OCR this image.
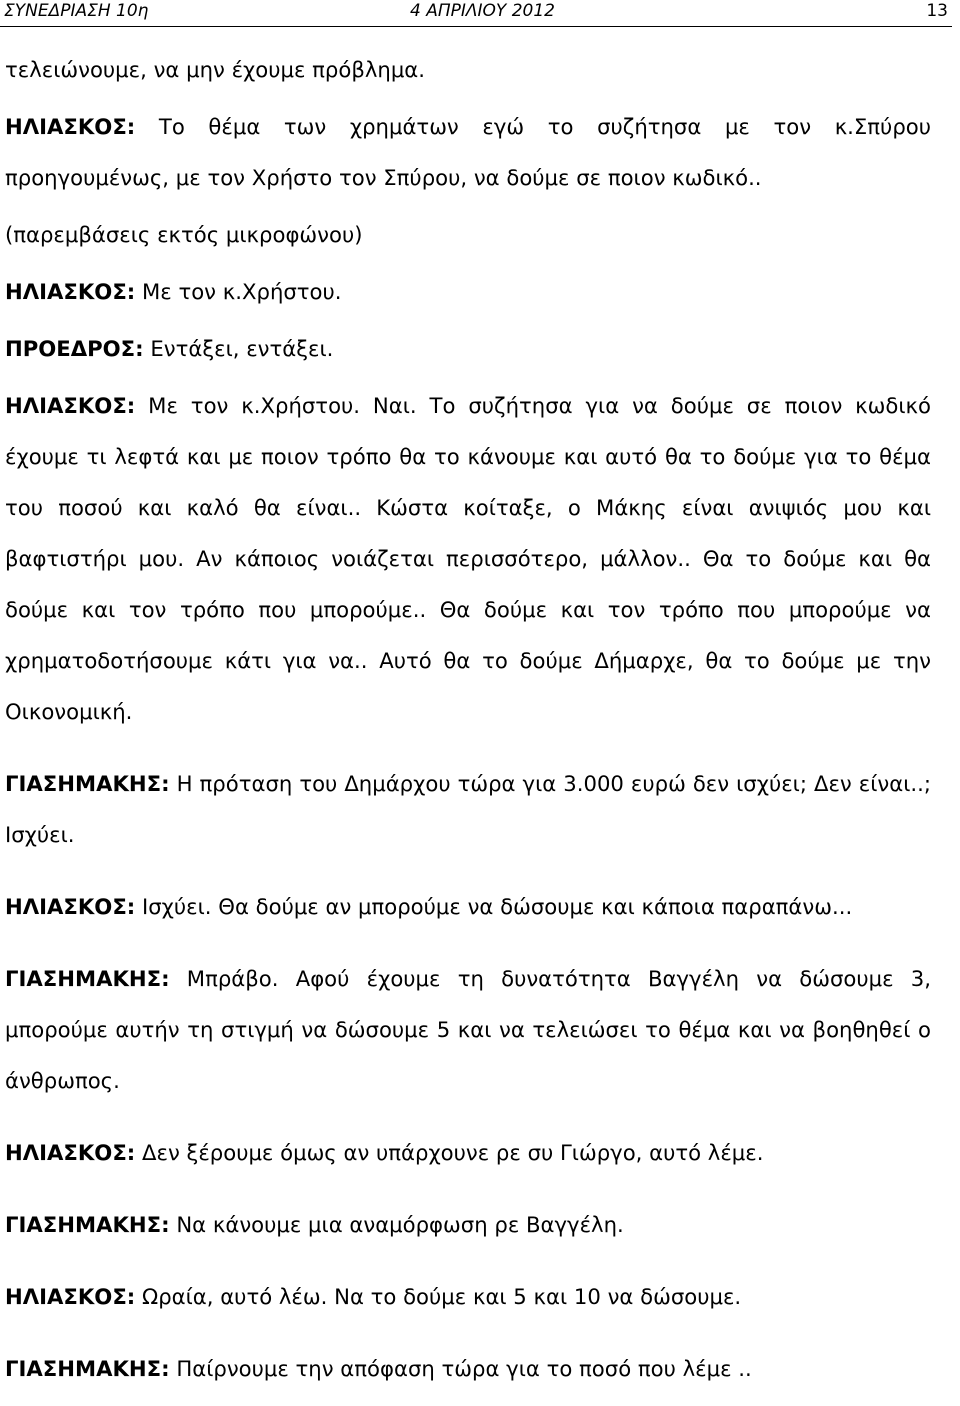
ΣΥΝΕΔΡΙΑΣΗ 10η	4 ΑΠΡΙΛΙΟΥ 2012	13

τελειώνουμε, να μην έχουμε πρόβλημα.

ΗΛΙΑΣΚΟΣ: Το θέμα των χρημάτων εγώ το συζήτησα με τον κ.Σπύρου προηγουμένως, με τον Χρήστο τον Σπύρου, να δούμε σε ποιον κωδικό..

(παρεμβάσεις εκτός μικροφώνου)

ΗΛΙΑΣΚΟΣ: Με τον κ.Χρήστου.

ΠΡΟΕΔΡΟΣ: Εντάξει, εντάξει.

ΗΛΙΑΣΚΟΣ: Με τον κ.Χρήστου. Ναι. Το συζήτησα για να δούμε σε ποιον κωδικό έχουμε τι λεφτά και με ποιον τρόπο θα το κάνουμε και αυτό θα το δούμε για το θέμα του ποσού και καλό θα είναι.. Κώστα κοίταξε, ο Μάκης είναι ανιψιός μου και βαφτιστήρι μου. Αν κάποιος νοιάζεται περισσότερο, μάλλον.. Θα το δούμε και θα δούμε και τον τρόπο που μπορούμε.. Θα δούμε και τον τρόπο που μπορούμε να χρηματοδοτήσουμε κάτι για να.. Αυτό θα το δούμε Δήμαρχε, θα το δούμε με την Οικονομική.

ΓΙΑΣΗΜΑΚΗΣ: Η πρόταση του Δημάρχου τώρα για 3.000 ευρώ δεν ισχύει; Δεν είναι..; Ισχύει.

ΗΛΙΑΣΚΟΣ: Ισχύει. Θα δούμε αν μπορούμε να δώσουμε και κάποια παραπάνω...

ΓΙΑΣΗΜΑΚΗΣ: Μπράβο. Αφού έχουμε τη δυνατότητα Βαγγέλη να δώσουμε 3, μπορούμε αυτήν τη στιγμή να δώσουμε 5 και να τελειώσει το θέμα και να βοηθηθεί ο άνθρωπος.

ΗΛΙΑΣΚΟΣ: Δεν ξέρουμε όμως αν υπάρχουνε ρε συ Γιώργο, αυτό λέμε.

ΓΙΑΣΗΜΑΚΗΣ: Να κάνουμε μια αναμόρφωση ρε Βαγγέλη.

ΗΛΙΑΣΚΟΣ: Ωραία, αυτό λέω. Να το δούμε και 5 και 10 να δώσουμε.

ΓΙΑΣΗΜΑΚΗΣ: Παίρνουμε την απόφαση τώρα για το ποσό που λέμε ..
